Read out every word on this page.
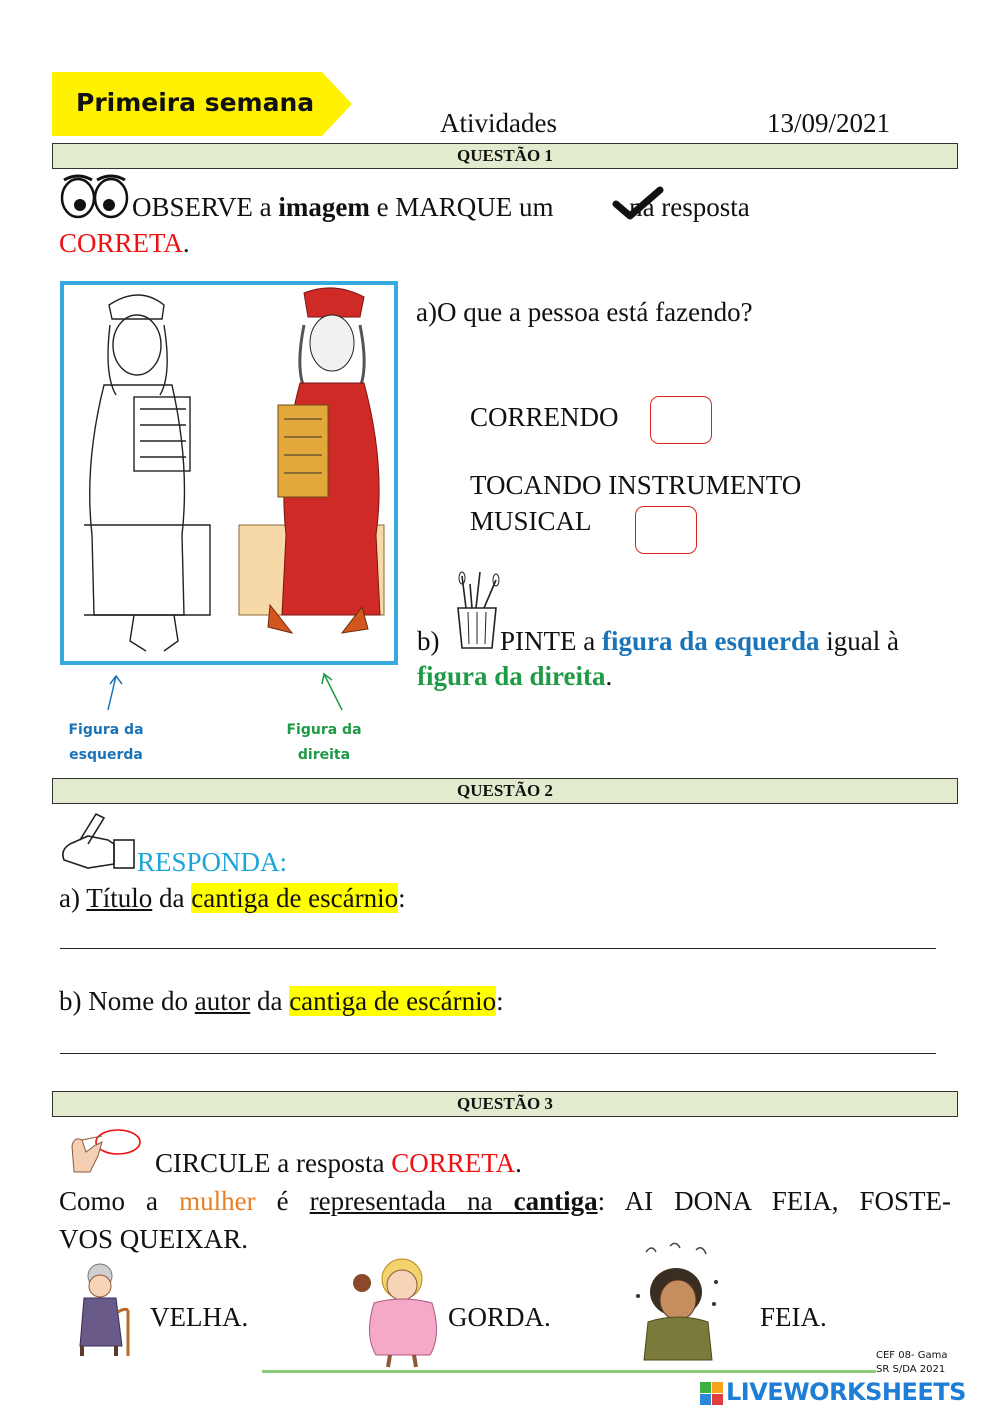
Primeira semana
Atividades	13/09/2021
QUESTÃO 1
OBSERVE a imagem e MARQUE um  na resposta
CORRETA.
Figura da
esquerda
Figura da
direita
a)O que a pessoa está fazendo?
CORRENDO
TOCANDO INSTRUMENTO
MUSICAL
b) PINTE a figura da esquerda igual à
figura da direita.
QUESTÃO 2
RESPONDA:
a) Título da cantiga de escárnio:
b) Nome do autor da cantiga de escárnio:
QUESTÃO 3
CIRCULE a resposta CORRETA.
Como a mulher é representada na cantiga: AI DONA FEIA, FOSTE-
VOS QUEIXAR.
VELHA.	GORDA.	FEIA.
CEF 08- Gama
SR S/DA 2021
LIVEWORKSHEETS
